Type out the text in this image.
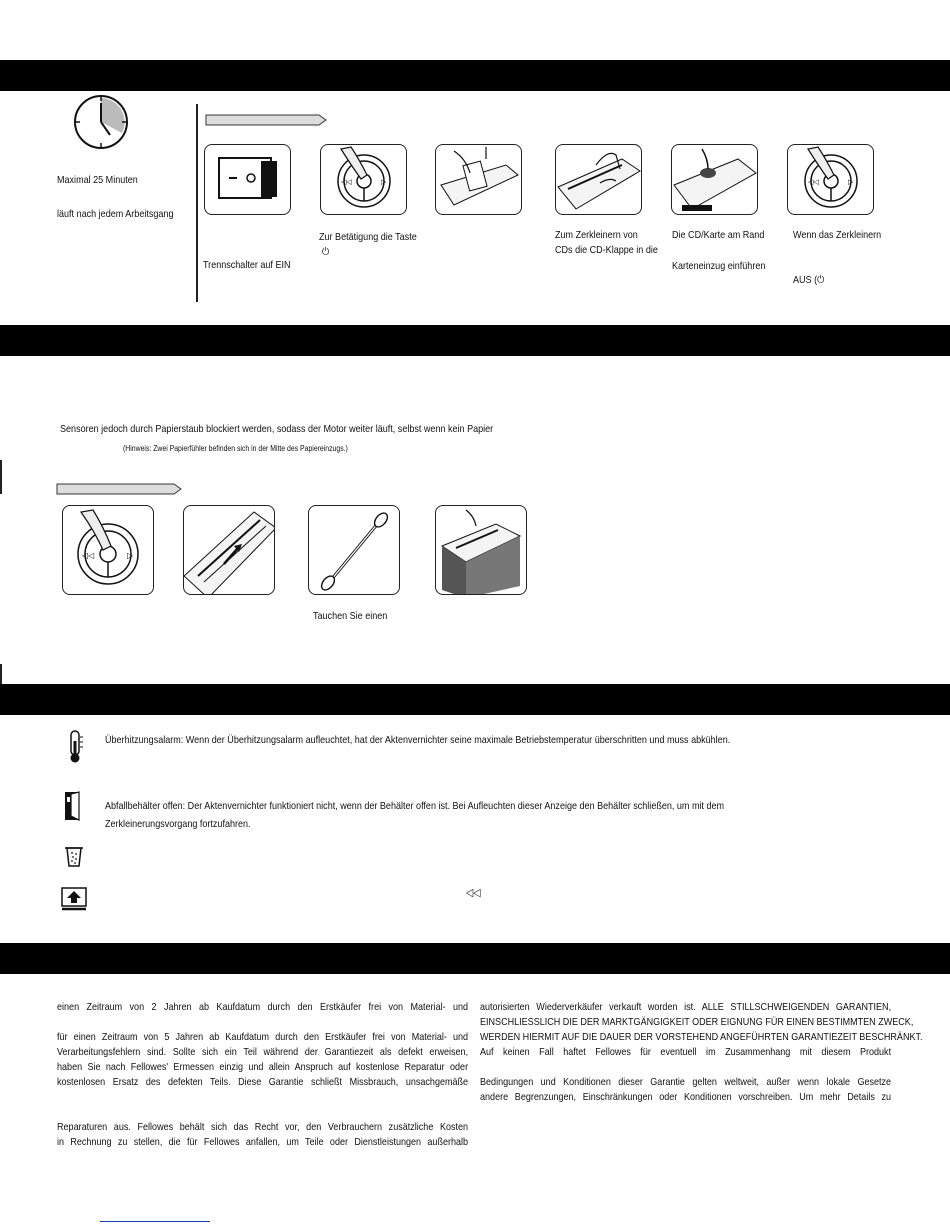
Maximal 25 Minuten
läuft nach jedem Arbeitsgang
◁◁	▷	◁◁	▷
Trennschalter auf EIN
Zur Betätigung die Taste
⏻
Zum Zerkleinern von
CDs die CD-Klappe in die
Die CD/Karte am Rand
Karteneinzug einführen
Wenn das Zerkleinern
AUS (⏻
Sensoren jedoch durch Papierstaub blockiert werden, sodass der Motor weiter läuft, selbst wenn kein Papier
(Hinweis: Zwei Papierfühler befinden sich in der Mitte des Papiereinzugs.)
◁◁	▷
Tauchen Sie einen
Überhitzungsalarm: Wenn der Überhitzungsalarm aufleuchtet, hat der Aktenvernichter seine maximale Betriebstemperatur überschritten und muss abkühlen.
Abfallbehälter offen: Der Aktenvernichter funktioniert nicht, wenn der Behälter offen ist. Bei Aufleuchten dieser Anzeige den Behälter schließen, um mit dem
Zerkleinerungsvorgang fortzufahren.
◁◁
einen Zeitraum von 2 Jahren ab Kaufdatum durch den Erstkäufer frei von Material- und

für einen Zeitraum von 5 Jahren ab Kaufdatum durch den Erstkäufer frei von Material- und
Verarbeitungsfehlern sind. Sollte sich ein Teil während der Garantiezeit als defekt erweisen,
haben Sie nach Fellowes' Ermessen einzig und allein Anspruch auf kostenlose Reparatur oder
kostenlosen Ersatz des defekten Teils. Diese Garantie schließt Missbrauch, unsachgemäße

Reparaturen aus. Fellowes behält sich das Recht vor, den Verbrauchern zusätzliche Kosten
in Rechnung zu stellen, die für Fellowes anfallen, um Teile oder Dienstleistungen außerhalb
autorisierten Wiederverkäufer verkauft worden ist. ALLE STILLSCHWEIGENDEN GARANTIEN,
EINSCHLIESSLICH DIE DER MARKTGÄNGIGKEIT ODER EIGNUNG FÜR EINEN BESTIMMTEN ZWECK,
WERDEN HIERMIT AUF DIE DAUER DER VORSTEHEND ANGEFÜHRTEN GARANTIEZEIT BESCHRÄNKT.
Auf keinen Fall haftet Fellowes für eventuell im Zusammenhang mit diesem Produkt

Bedingungen und Konditionen dieser Garantie gelten weltweit, außer wenn lokale Gesetze
andere Begrenzungen, Einschränkungen oder Konditionen vorschreiben. Um mehr Details zu
